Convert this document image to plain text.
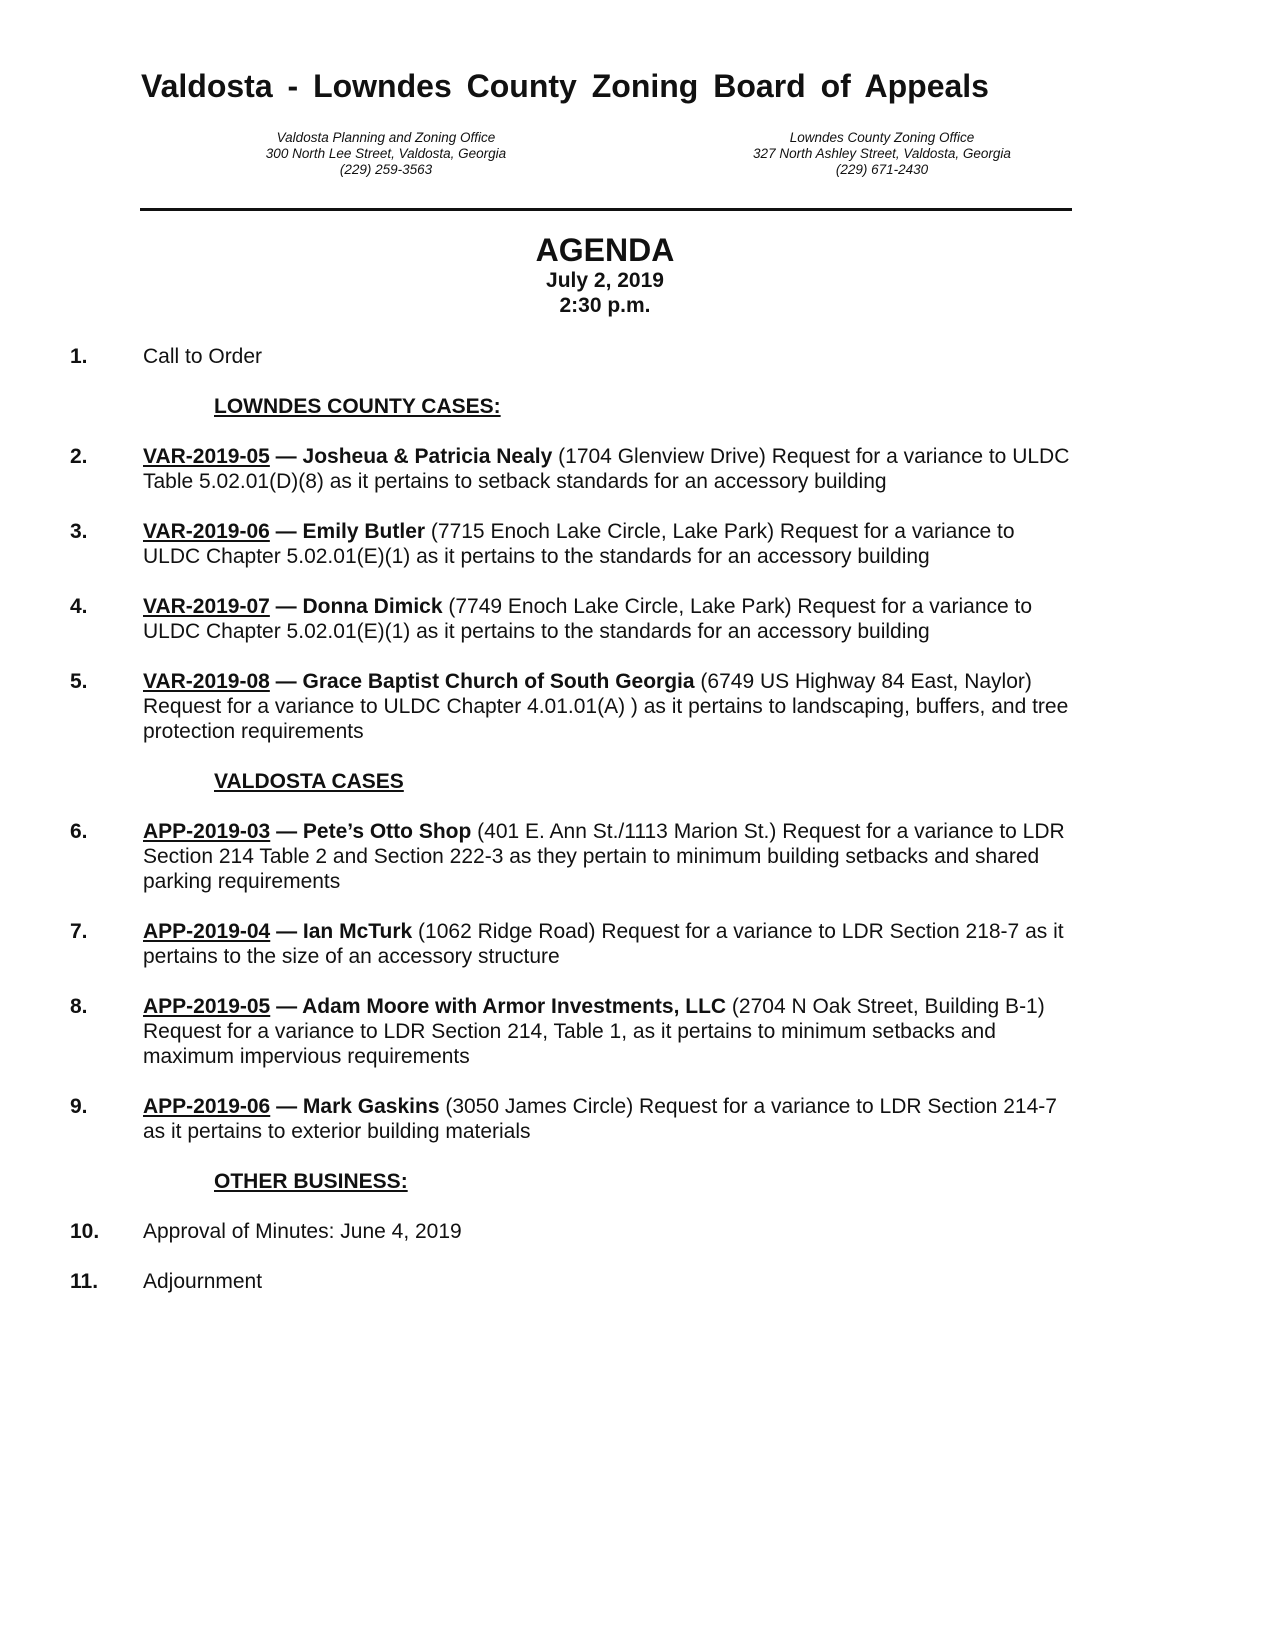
Valdosta - Lowndes County Zoning Board of Appeals
Valdosta Planning and Zoning Office
300 North Lee Street, Valdosta, Georgia
(229) 259-3563
Lowndes County Zoning Office
327 North Ashley Street, Valdosta, Georgia
(229) 671-2430
AGENDA
July 2, 2019
2:30 p.m.
1.	Call to Order
LOWNDES COUNTY CASES:
2.	VAR-2019-05 — Josheua & Patricia Nealy (1704 Glenview Drive) Request for a variance to ULDC Table 5.02.01(D)(8) as it pertains to setback standards for an accessory building
3.	VAR-2019-06 — Emily Butler (7715 Enoch Lake Circle, Lake Park) Request for a variance to ULDC Chapter 5.02.01(E)(1) as it pertains to the standards for an accessory building
4.	VAR-2019-07 — Donna Dimick (7749 Enoch Lake Circle, Lake Park) Request for a variance to ULDC Chapter 5.02.01(E)(1) as it pertains to the standards for an accessory building
5.	VAR-2019-08 — Grace Baptist Church of South Georgia (6749 US Highway 84 East, Naylor) Request for a variance to ULDC Chapter 4.01.01(A) ) as it pertains to landscaping, buffers, and tree protection requirements
VALDOSTA CASES
6.	APP-2019-03 — Pete’s Otto Shop (401 E. Ann St./1113 Marion St.) Request for a variance to LDR Section 214 Table 2 and Section 222-3 as they pertain to minimum building setbacks and shared parking requirements
7.	APP-2019-04 — Ian McTurk (1062 Ridge Road) Request for a variance to LDR Section 218-7 as it pertains to the size of an accessory structure
8.	APP-2019-05 — Adam Moore with Armor Investments, LLC (2704 N Oak Street, Building B-1) Request for a variance to LDR Section 214, Table 1, as it pertains to minimum setbacks and maximum impervious requirements
9.	APP-2019-06 — Mark Gaskins (3050 James Circle) Request for a variance to LDR Section 214-7 as it pertains to exterior building materials
OTHER BUSINESS:
10.	Approval of Minutes: June 4, 2019
11.	Adjournment
